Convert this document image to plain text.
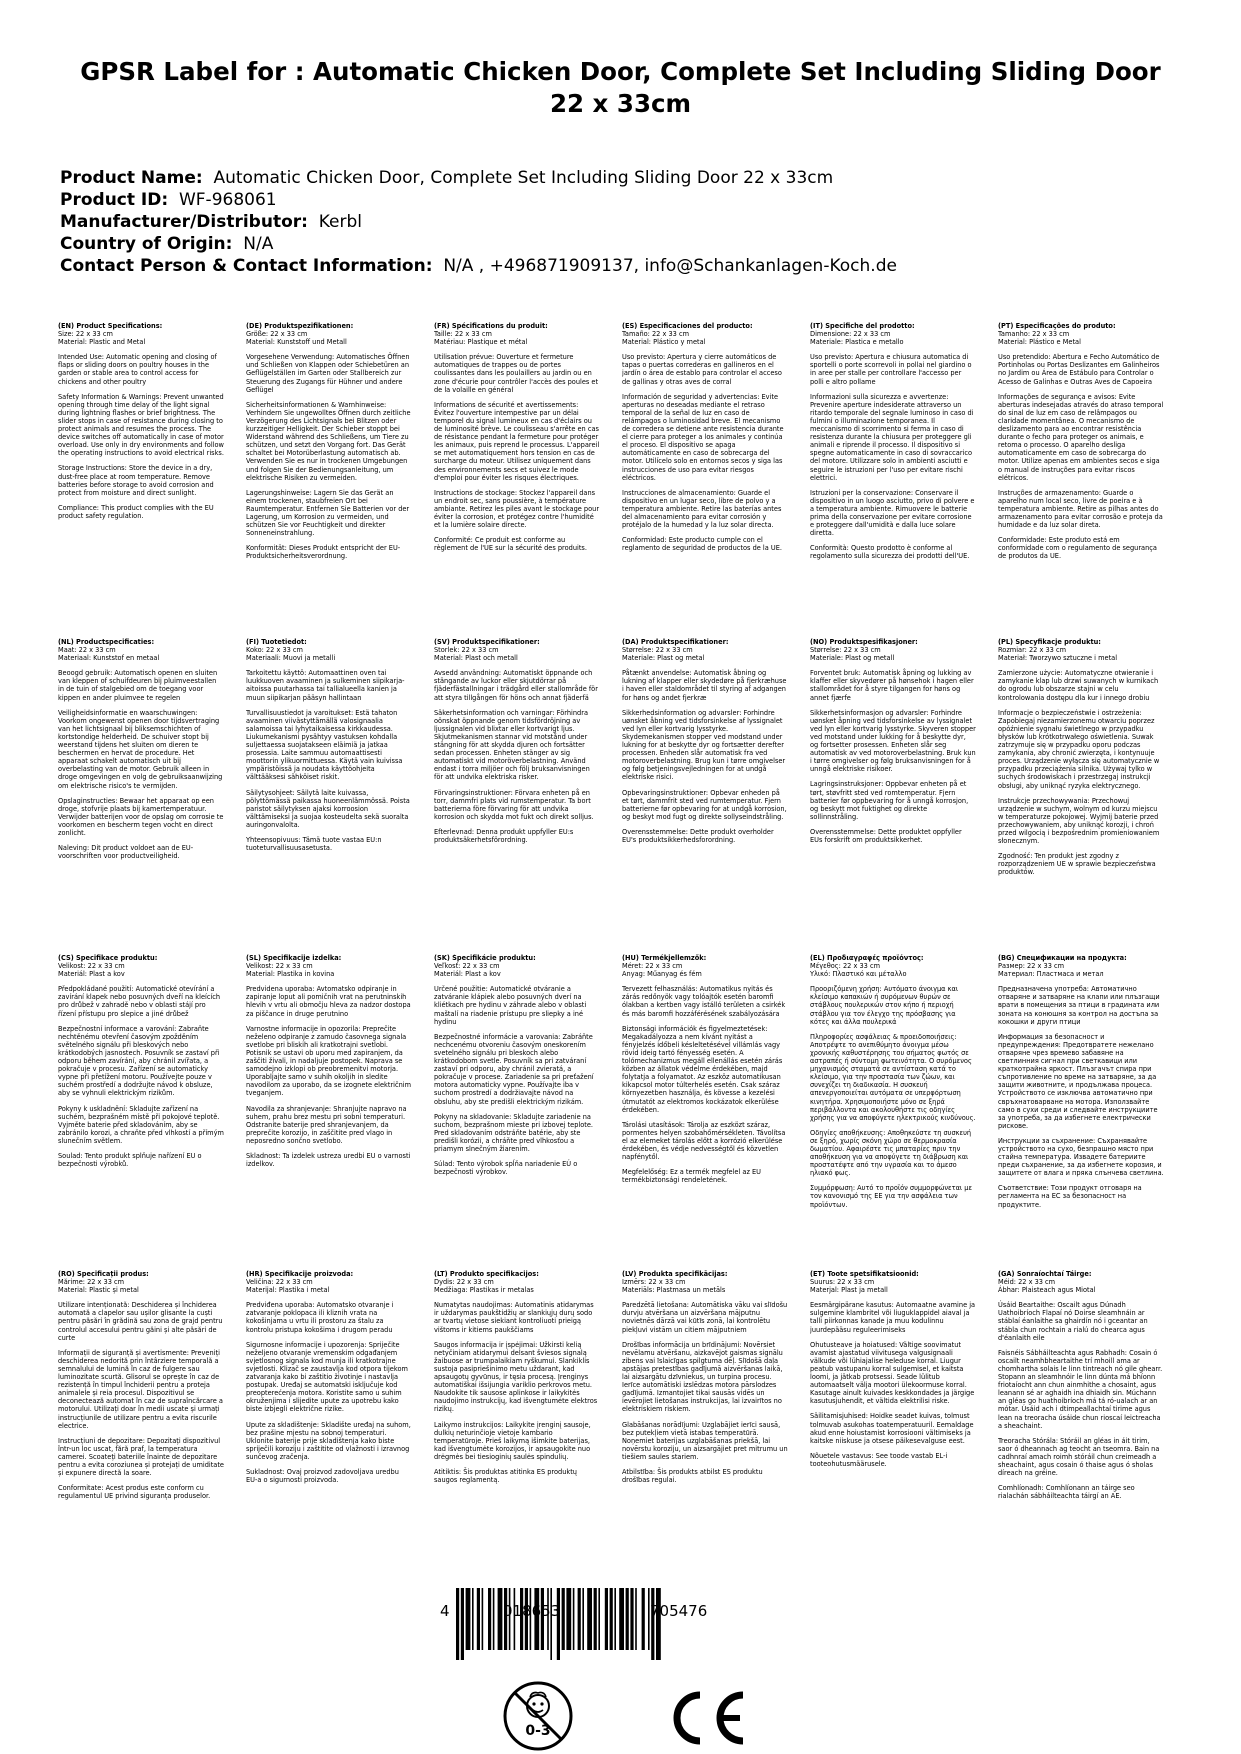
GPSR Label for : Automatic Chicken Door, Complete Set Including Sliding Door 22 x 33cm
Product Name: Automatic Chicken Door, Complete Set Including Sliding Door 22 x 33cm
Product ID: WF-968061
Manufacturer/Distributor: Kerbl
Country of Origin: N/A
Contact Person & Contact Information: N/A , +496871909137, info@Schankanlagen-Koch.de

(EN) Product Specifications:

Size: 22 x 33 cm

Material: Plastic and Metal

Intended Use: Automatic opening and closing of flaps or sliding doors on poultry houses in the garden or stable area to control access for chickens and other poultry

Safety Information & Warnings: Prevent unwanted opening through time delay of the light signal during lightning flashes or brief brightness. The slider stops in case of resistance during closing to protect animals and resumes the process. The device switches off automatically in case of motor overload. Use only in dry environments and follow the operating instructions to avoid electrical risks.

Storage Instructions: Store the device in a dry, dust-free place at room temperature. Remove batteries before storage to avoid corrosion and protect from moisture and direct sunlight.

Compliance: This product complies with the EU product safety regulation.

(DE) Produktspezifikationen:

Größe: 22 x 33 cm

Material: Kunststoff und Metall

Vorgesehene Verwendung: Automatisches Öffnen und Schließen von Klappen oder Schiebetüren an Geflügelställen im Garten oder Stallbereich zur Steuerung des Zugangs für Hühner und andere Geflügel

Sicherheitsinformationen & Warnhinweise: Verhindern Sie ungewolltes Öffnen durch zeitliche Verzögerung des Lichtsignals bei Blitzen oder kurzzeitiger Helligkeit. Der Schieber stoppt bei Widerstand während des Schließens, um Tiere zu schützen, und setzt den Vorgang fort. Das Gerät schaltet bei Motorüberlastung automatisch ab. Verwenden Sie es nur in trockenen Umgebungen und folgen Sie der Bedienungsanleitung, um elektrische Risiken zu vermeiden.

Lagerungshinweise: Lagern Sie das Gerät an einem trockenen, staubfreien Ort bei Raumtemperatur. Entfernen Sie Batterien vor der Lagerung, um Korrosion zu vermeiden, und schützen Sie vor Feuchtigkeit und direkter Sonneneinstrahlung.

Konformität: Dieses Produkt entspricht der EU-Produktsicherheitsverordnung.

(FR) Spécifications du produit:

Taille: 22 x 33 cm

Matériau: Plastique et métal

Utilisation prévue: Ouverture et fermeture automatiques de trappes ou de portes coulissantes dans les poulaillers au jardin ou en zone d'écurie pour contrôler l'accès des poules et de la volaille en général

Informations de sécurité et avertissements: Évitez l'ouverture intempestive par un délai temporel du signal lumineux en cas d'éclairs ou de luminosité brève. Le coulisseau s'arrête en cas de résistance pendant la fermeture pour protéger les animaux, puis reprend le processus. L'appareil se met automatiquement hors tension en cas de surcharge du moteur. Utilisez uniquement dans des environnements secs et suivez le mode d'emploi pour éviter les risques électriques.

Instructions de stockage: Stockez l'appareil dans un endroit sec, sans poussière, à température ambiante. Retirez les piles avant le stockage pour éviter la corrosion, et protégez contre l'humidité et la lumière solaire directe.

Conformité: Ce produit est conforme au règlement de l'UE sur la sécurité des produits.

(ES) Especificaciones del producto:

Tamaño: 22 x 33 cm

Material: Plástico y metal

Uso previsto: Apertura y cierre automáticos de tapas o puertas correderas en gallineros en el jardín o área de establo para controlar el acceso de gallinas y otras aves de corral

Información de seguridad y advertencias: Evite aperturas no deseadas mediante el retraso temporal de la señal de luz en caso de relámpagos o luminosidad breve. El mecanismo de corredera se detiene ante resistencia durante el cierre para proteger a los animales y continúa el proceso. El dispositivo se apaga automáticamente en caso de sobrecarga del motor. Utilícelo solo en entornos secos y siga las instrucciones de uso para evitar riesgos eléctricos.

Instrucciones de almacenamiento: Guarde el dispositivo en un lugar seco, libre de polvo y a temperatura ambiente. Retire las baterías antes del almacenamiento para evitar corrosión y protéjalo de la humedad y la luz solar directa.

Conformidad: Este producto cumple con el reglamento de seguridad de productos de la UE.

(IT) Specifiche del prodotto:

Dimensione: 22 x 33 cm

Materiale: Plastica e metallo

Uso previsto: Apertura e chiusura automatica di sportelli o porte scorrevoli in pollai nel giardino o in aree per stalle per controllare l'accesso per polli e altro pollame

Informazioni sulla sicurezza e avvertenze: Prevenire aperture indesiderate attraverso un ritardo temporale del segnale luminoso in caso di fulmini o illuminazione temporanea. Il meccanismo di scorrimento si ferma in caso di resistenza durante la chiusura per proteggere gli animali e riprende il processo. Il dispositivo si spegne automaticamente in caso di sovraccarico del motore. Utilizzare solo in ambienti asciutti e seguire le istruzioni per l'uso per evitare rischi elettrici.

Istruzioni per la conservazione: Conservare il dispositivo in un luogo asciutto, privo di polvere e a temperatura ambiente. Rimuovere le batterie prima della conservazione per evitare corrosione e proteggere dall'umidità e dalla luce solare diretta.

Conformità: Questo prodotto è conforme al regolamento sulla sicurezza dei prodotti dell'UE.

(PT) Especificações do produto:

Tamanho: 22 x 33 cm

Material: Plástico e Metal

Uso pretendido: Abertura e Fecho Automático de Portinholas ou Portas Deslizantes em Galinheiros no Jardim ou Área de Estábulo para Controlar o Acesso de Galinhas e Outras Aves de Capoeira

Informações de segurança e avisos: Evite aberturas indesejadas através do atraso temporal do sinal de luz em caso de relâmpagos ou claridade momentânea. O mecanismo de deslizamento para ao encontrar resistência durante o fecho para proteger os animais, e retoma o processo. O aparelho desliga automaticamente em caso de sobrecarga do motor. Utilize apenas em ambientes secos e siga o manual de instruções para evitar riscos elétricos.

Instruções de armazenamento: Guarde o aparelho num local seco, livre de poeira e à temperatura ambiente. Retire as pilhas antes do armazenamento para evitar corrosão e proteja da humidade e da luz solar direta.

Conformidade: Este produto está em conformidade com o regulamento de segurança de produtos da UE.

(NL) Productspecificaties:

Maat: 22 x 33 cm

Materiaal: Kunststof en metaal

Beoogd gebruik: Automatisch openen en sluiten van kleppen of schuifdeuren bij pluimveestallen in de tuin of stalgebied om de toegang voor kippen en ander pluimvee te regelen

Veiligheidsinformatie en waarschuwingen: Voorkom ongewenst openen door tijdsvertraging van het lichtsignaal bij bliksemschichten of kortstondige helderheid. De schuiver stopt bij weerstand tijdens het sluiten om dieren te beschermen en hervat de procedure. Het apparaat schakelt automatisch uit bij overbelasting van de motor. Gebruik alleen in droge omgevingen en volg de gebruiksaanwijzing om elektrische risico's te vermijden.

Opslaginstructies: Bewaar het apparaat op een droge, stofvrije plaats bij kamertemperatuur. Verwijder batterijen voor de opslag om corrosie te voorkomen en bescherm tegen vocht en direct zonlicht.

Naleving: Dit product voldoet aan de EU-voorschriften voor productveiligheid.

(FI) Tuotetiedot:

Koko: 22 x 33 cm

Materiaali: Muovi ja metalli

Tarkoitettu käyttö: Automaattinen oven tai luukkuoven avaaminen ja sulkeminen siipikarja-aitoissa puutarhassa tai tallialueella kanien ja muun siipikarjan pääsyn hallintaan

Turvallisuustiedot ja varoitukset: Estä tahaton avaaminen viivästyttämällä valosignaalia salamoissa tai lyhytaikaisessa kirkkaudessa. Liukumekanismi pysähtyy vastuksen kohdalla suljettaessa suojatakseen eläimiä ja jatkaa prosessia. Laite sammuu automaattisesti moottorin ylikuormittuessa. Käytä vain kuivissa ympäristöissä ja noudata käyttöohjeita välttääksesi sähköiset riskit.

Säilytysohjeet: Säilytä laite kuivassa, pölyttömässä paikassa huoneenlämmössä. Poista paristot säilytyksen ajaksi korroosion välttämiseksi ja suojaa kosteudelta sekä suoralta auringonvalolta.

Yhteensopivuus: Tämä tuote vastaa EU:n tuoteturvallisuusasetusta.

(SV) Produktspecifikationer:

Storlek: 22 x 33 cm

Material: Plast och metall

Avsedd användning: Automatiskt öppnande och stängande av luckor eller skjutdörrar på fjäderfästallningar i trädgård eller stallområde för att styra tillgången för höns och annat fjäderfä

Säkerhetsinformation och varningar: Förhindra oönskat öppnande genom tidsfördröjning av ljussignalen vid blixtar eller kortvarigt ljus. Skjutmekanismen stannar vid motstånd under stängning för att skydda djuren och fortsätter sedan processen. Enheten stänger av sig automatiskt vid motoröverbelastning. Använd endast i torra miljöer och följ bruksanvisningen för att undvika elektriska risker.

Förvaringsinstruktioner: Förvara enheten på en torr, dammfri plats vid rumstemperatur. Ta bort batterierna före förvaring för att undvika korrosion och skydda mot fukt och direkt solljus.

Efterlevnad: Denna produkt uppfyller EU:s produktsäkerhetsförordning.

(DA) Produktspecifikationer:

Størrelse: 22 x 33 cm

Materiale: Plast og metal

Påtænkt anvendelse: Automatisk åbning og lukning af klapper eller skydedøre på fjerkræhuse i haven eller staldområdet til styring af adgangen for høns og andet fjerkræ

Sikkerhedsinformation og advarsler: Forhindre uønsket åbning ved tidsforsinkelse af lyssignalet ved lyn eller kortvarig lysstyrke. Skydemekanismen stopper ved modstand under lukning for at beskytte dyr og fortsætter derefter processen. Enheden slår automatisk fra ved motoroverbelastning. Brug kun i tørre omgivelser og følg betjeningsvejledningen for at undgå elektriske risici.

Opbevaringsinstruktioner: Opbevar enheden på et tørt, dammfrit sted ved rumtemperatur. Fjern batterierne før opbevaring for at undgå korrosion, og beskyt mod fugt og direkte sollyseindstråling.

Overensstemmelse: Dette produkt overholder EU's produktsikkerhedsforordning.

(NO) Produktspesifikasjoner:

Størrelse: 22 x 33 cm

Materiale: Plast og metall

Forventet bruk: Automatisk åpning og lukking av klaffer eller skyvedører på hønsehok i hagen eller stallområdet for å styre tilgangen for høns og annet fjærfe

Sikkerhetsinformasjon og advarsler: Forhindre uønsket åpning ved tidsforsinkelse av lyssignalet ved lyn eller kortvarig lysstyrke. Skyveren stopper ved motstand under lukking for å beskytte dyr, og fortsetter prosessen. Enheten slår seg automatisk av ved motoroverbelastning. Bruk kun i tørre omgivelser og følg bruksanvisningen for å unngå elektriske risikoer.

Lagringsinstruksjoner: Oppbevar enheten på et tørt, støvfritt sted ved romtemperatur. Fjern batterier før oppbevaring for å unngå korrosjon, og beskytt mot fuktighet og direkte sollinnstråling.

Overensstemmelse: Dette produktet oppfyller EUs forskrift om produktsikkerhet.

(PL) Specyfikacje produktu:

Rozmiar: 22 x 33 cm

Materiał: Tworzywo sztuczne i metal

Zamierzone użycie: Automatyczne otwieranie i zamykanie klap lub drzwi suwanych w kurnikach do ogrodu lub obszarze stajni w celu kontrolowania dostępu dla kur i innego drobiu

Informacje o bezpieczeństwie i ostrzeżenia: Zapobiegaj niezamierzonemu otwarciu poprzez opóźnienie sygnału świetlnego w przypadku błysków lub krótkotrwałego oświetlenia. Suwak zatrzymuje się w przypadku oporu podczas zamykania, aby chronić zwierzęta, i kontynuuje proces. Urządzenie wyłącza się automatycznie w przypadku przeciążenia silnika. Używaj tylko w suchych środowiskach i przestrzegaj instrukcji obsługi, aby uniknąć ryzyka elektrycznego.

Instrukcje przechowywania: Przechowuj urządzenie w suchym, wolnym od kurzu miejscu w temperaturze pokojowej. Wyjmij baterie przed przechowywaniem, aby uniknąć korozji, i chroń przed wilgocią i bezpośrednim promieniowaniem słonecznym.

Zgodność: Ten produkt jest zgodny z rozporządzeniem UE w sprawie bezpieczeństwa produktów.

(CS) Specifikace produktu:

Velikost: 22 x 33 cm

Materiál: Plast a kov

Předpokládané použití: Automatické otevírání a zavírání klapek nebo posuvných dveří na kleících pro drůbež v zahradě nebo v oblasti stájí pro řízení přístupu pro slepice a jiné drůbež

Bezpečnostní informace a varování: Zabraňte nechtěnému otevření časovým zpožděním světelného signálu při bleskových nebo krátkodobých jasnostech. Posuvník se zastaví při odporu během zavírání, aby chránil zvířata, a pokračuje v procesu. Zařízení se automaticky vypne při přetížení motoru. Používejte pouze v suchém prostředí a dodržujte návod k obsluze, aby se vyhnuli elektrickým rizikům.

Pokyny k uskladnění: Skladujte zařízení na suchém, bezprašném místě při pokojové teplotě. Vyjměte baterie před skladováním, aby se zabránilo korozi, a chraňte před vlhkostí a přímým slunečním světlem.

Soulad: Tento produkt splňuje nařízení EU o bezpečnosti výrobků.

(SL) Specifikacije izdelka:

Velikost: 22 x 33 cm

Material: Plastika in kovina

Predvidena uporaba: Avtomatsko odpiranje in zapiranje loput ali pomičnih vrat na perutninskih hlevih v vrtu ali območju hleva za nadzor dostopa za piščance in druge perutnino

Varnostne informacije in opozorila: Preprečite neželeno odpiranje z zamudo časovnega signala svetlobe pri bliskih ali kratkotrajni svetlobi. Potisnik se ustavi ob uporu med zapiranjem, da zaščiti živali, in nadaljuje postopek. Naprava se samodejno izklopi ob preobremenitvi motorja. Uporabljajte samo v suhih okoljih in sledite navodilom za uporabo, da se izognete električnim tveganjem.

Navodila za shranjevanje: Shranjujte napravo na suhem, prahu brez mestu pri sobni temperaturi. Odstranite baterije pred shranjevanjem, da preprečite korozijo, in zaščitite pred vlago in neposredno sončno svetlobo.

Skladnost: Ta izdelek ustreza uredbi EU o varnosti izdelkov.

(SK) Špecifikácie produktu:

Veľkosť: 22 x 33 cm

Materiál: Plast a kov

Určené použitie: Automatické otváranie a zatváranie klápiek alebo posuvných dverí na kliétkach pre hydinu v záhrade alebo v oblasti maštalí na riadenie prístupu pre sliepky a iné hydinu

Bezpečnostné informácie a varovania: Zabráňte nechcenému otvoreniu časovým oneskorením svetelného signálu pri bleskoch alebo krátkodobom svetle. Posuvník sa pri zatváraní zastaví pri odporu, aby chránil zvieratá, a pokračuje v procese. Zariadenie sa pri preťažení motora automaticky vypne. Používajte iba v suchom prostredí a dodržiavajte návod na obsluhu, aby ste predišli elektrickým rizikám.

Pokyny na skladovanie: Skladujte zariadenie na suchom, bezprašnom mieste pri izbovej teplote. Pred skladovaním odstráňte batérie, aby ste predišli korózii, a chráňte pred vlhkosťou a priamym slnečným žiarením.

Súlad: Tento výrobok spĺňa nariadenie EÚ o bezpečnosti výrobkov.

(HU) Termékjellemzők:

Méret: 22 x 33 cm

Anyag: Műanyag és fém

Tervezett felhasználás: Automatikus nyitás és zárás redőnyök vagy tolóajtók esetén baromfi ólakban a kertben vagy istálló területen a csirkék és más baromfi hozzáférésének szabályozására

Biztonsági információk és figyelmeztetések: Megakadályozza a nem kívánt nyitást a fényjelzés időbeli késleltetésével villámlás vagy rövid ideig tartó fényesség esetén. A tolómechanizmus megáll ellenállás esetén zárás közben az állatok védelme érdekében, majd folytatja a folyamatot. Az eszköz automatikusan kikapcsol motor túlterhelés esetén. Csak száraz környezetben használja, és kövesse a kezelési útmutatót az elektromos kockázatok elkerülése érdekében.

Tárolási utasítások: Tárolja az eszközt száraz, pormentes helyen szobahőmérsékleten. Távolítsa el az elemeket tárolás előtt a korrózió elkerülése érdekében, és védje nedvességtől és közvetlen napfénytől.

Megfelelőség: Ez a termék megfelel az EU termékbiztonsági rendeletének.

(EL) Προδιαγραφές προϊόντος:

Μέγεθος: 22 x 33 cm

Υλικό: Πλαστικό και μέταλλο

Προοριζόμενη χρήση: Αυτόματο άνοιγμα και κλείσιμο καπακιών ή συρόμενων θυρών σε στάβλους πουλερικών στον κήπο ή περιοχή στάβλου για τον έλεγχο της πρόσβασης για κότες και άλλα πουλερικά

Πληροφορίες ασφάλειας & προειδοποιήσεις: Αποτρέψτε το ανεπιθύμητο άνοιγμα μέσω χρονικής καθυστέρησης του σήματος φωτός σε αστραπές ή σύντομη φωτεινότητα. Ο συρόμενος μηχανισμός σταματά σε αντίσταση κατά το κλείσιμο, για την προστασία των ζώων, και συνεχίζει τη διαδικασία. Η συσκευή απενεργοποιείται αυτόματα σε υπερφόρτωση κινητήρα. Χρησιμοποιήστε μόνο σε ξηρά περιβάλλοντα και ακολουθήστε τις οδηγίες χρήσης για να αποφύγετε ηλεκτρικούς κινδύνους.

Οδηγίες αποθήκευσης: Αποθηκεύστε τη συσκευή σε ξηρό, χωρίς σκόνη χώρο σε θερμοκρασία δωματίου. Αφαιρέστε τις μπαταρίες πριν την αποθήκευση για να αποφύγετε τη διάβρωση και προστατέψτε από την υγρασία και το άμεσο ηλιακό φως.

Συμμόρφωση: Αυτό το προϊόν συμμορφώνεται με τον κανονισμό της ΕΕ για την ασφάλεια των προϊόντων.

(BG) Спецификации на продукта:

Размер: 22 x 33 cm

Материал: Пластмаса и метал

Предназначена употреба: Автоматично отваряне и затваряне на клапи или плъзгащи врати в помещения за птици в градината или зоната на конюшня за контрол на достъпа за кокошки и други птици

Информация за безопасност и предупреждения: Предотвратете нежелано отваряне чрез времево забавяне на светлинния сигнал при светкавици или краткотрайна яркост. Плъзгачът спира при съпротивление по време на затваряне, за да защити животните, и продължава процеса. Устройството се изключва автоматично при свръхнатоварване на мотора. Използвайте само в сухи среди и следвайте инструкциите за употреба, за да избегнете електрически рискове.

Инструкции за съхранение: Съхранявайте устройството на сухо, безпрашно място при стайна температура. Извадете батериите преди съхранение, за да избегнете корозия, и защитете от влага и пряка слънчева светлина.

Съответствие: Този продукт отговаря на регламента на ЕС за безопасност на продуктите.

(RO) Specificații produs:

Mărime: 22 x 33 cm

Material: Plastic și metal

Utilizare intenționată: Deschiderea și închiderea automată a clapelor sau ușilor glisante la cuști pentru păsări în grădină sau zona de grajd pentru controlul accesului pentru găini și alte păsări de curte

Informații de siguranță și avertismente: Preveniți deschiderea nedorită prin întârziere temporală a semnalului de lumină în caz de fulgere sau luminozitate scurtă. Glisorul se oprește în caz de rezistență în timpul închiderii pentru a proteja animalele și reia procesul. Dispozitivul se deconectează automat în caz de supraîncărcare a motorului. Utilizați doar în medii uscate și urmați instrucțiunile de utilizare pentru a evita riscurile electrice.

Instrucțiuni de depozitare: Depozitați dispozitivul într-un loc uscat, fără praf, la temperatura camerei. Scoateți bateriile înainte de depozitare pentru a evita coroziunea și protejați de umiditate și expunere directă la soare.

Conformitate: Acest produs este conform cu regulamentul UE privind siguranța produselor.

(HR) Specifikacije proizvoda:

Veličina: 22 x 33 cm

Materijal: Plastika i metal

Predviđena uporaba: Automatsko otvaranje i zatvaranje poklopaca ili kliznih vrata na kokošinjama u vrtu ili prostoru za štalu za kontrolu pristupa kokošima i drugom peradu

Sigurnosne informacije i upozorenja: Spriječite neželjeno otvaranje vremenskim odgađanjem svjetlosnog signala kod munja ili kratkotrajne svjetlosti. Klizač se zaustavlja kod otpora tijekom zatvaranja kako bi zaštitio životinje i nastavlja postupak. Uređaj se automatski isključuje kod preopterećenja motora. Koristite samo u suhim okruženjima i slijedite upute za upotrebu kako biste izbjegli električne rizike.

Upute za skladištenje: Skladište uređaj na suhom, bez prašine mjestu na sobnoj temperaturi. Uklonite baterije prije skladištenja kako biste spriječili koroziju i zaštitite od vlažnosti i izravnog sunčevog zračenja.

Sukladnost: Ovaj proizvod zadovoljava uredbu EU-a o sigurnosti proizvoda.

(LT) Produkto specifikacijos:

Dydis: 22 x 33 cm

Medžiaga: Plastikas ir metalas

Numatytas naudojimas: Automatinis atidarymas ir uždarymas paukštidžių ar slankiųjų durų sodo ar tvartų vietose siekiant kontroliuoti prieigą vištoms ir kitiems paukščiams

Saugos informacija ir įspėjimai: Užkirsti kelią netyčiniam atidarymui delsant šviesos signalą žaibuose ar trumpalaikiam ryškumui. Slankiklis sustoja pasipriešinimo metu uždarant, kad apsaugotų gyvūnus, ir tęsia procesą. Įrenginys automatiškai išsijungia variklio perkrovos metu. Naudokite tik sausose aplinkose ir laikykitės naudojimo instrukcijų, kad išvengtumėte elektros rizikų.

Laikymo instrukcijos: Laikykite įrenginį sausoje, dulkių neturinčioje vietoje kambario temperatūroje. Prieš laikymą išimkite baterijas, kad išvengtumėte korozijos, ir apsaugokite nuo drėgmės bei tiesioginių saulės spindulių.

Atitiktis: Šis produktas atitinka ES produktų saugos reglamentą.

(LV) Produkta specifikācijas:

Izmērs: 22 x 33 cm

Materiāls: Plastmasa un metāls

Paredzētā lietošana: Automātiska vāku vai slīdošu durvju atvēršana un aizvēršana mājputnu novietnēs dārzā vai kūtīs zonā, lai kontrolētu piekļuvi vistām un citiem mājputniem

Drošības informācija un brīdinājumi: Novērsiet nevēlamu atvēršanu, aizkavējot gaismas signālu zibens vai īslaicīgas spilgtuma dēļ. Slīdošā daļa apstājas pretestības gadījumā aizvēršanas laikā, lai aizsargātu dzīvniekus, un turpina procesu. Ierīce automātiski izslēdzas motora pārslodzes gadījumā. Izmantojiet tikai sausās vidēs un ievērojiet lietošanas instrukcijas, lai izvairītos no elektriskiem riskiem.

Glabāšanas norādījumi: Uzglabājiet ierīci sausā, bez putekļiem vietā istabas temperatūrā. Noņemiet baterijas uzglabāšanas priekšā, lai novērstu koroziju, un aizsargājiet pret mitrumu un tiešiem saules stariem.

Atbilstība: Šis produkts atbilst ES produktu drošības regulai.

(ET) Toote spetsifikatsioonid:

Suurus: 22 x 33 cm

Materjal: Plast ja metall

Eesmärgipärane kasutus: Automaatne avamine ja sulgemine klambritel või liuguklappidel aiaval ja talli piirkonnas kanade ja muu kodulinnu juurdepääsu reguleerimiseks

Ohutusteave ja hoiatused: Vältige soovimatut avamist ajastatud viivitusega valgusignaali välkude või lühiajalise heleduse korral. Liugur peatub vastupanu korral sulgemisel, et kaitsta loomi, ja jätkab protsessi. Seade lülitub automaatselt välja mootori ülekoormuse korral. Kasutage ainult kuivades keskkondades ja järgige kasutusjuhendit, et vältida elektrilisi riske.

Säilitamisjuhised: Hoidke seadet kuivas, tolmust tolmuvab asukohas toatemperatuuril. Eemaldage akud enne hoiustamist korrosiooni vältimiseks ja kaitske niiskuse ja otsese päikesevalguse eest.

Nõuetele vastavus: See toode vastab EL-i tooteohutusmäärusele.

(GA) Sonraíochtaí Táirge:

Méid: 22 x 33 cm

Ábhar: Plaisteach agus Miotal

Úsáid Beartaithe: Oscailt agus Dúnadh Uathoibríoch Flapaí nó Doirse sleamhnáin ar stáblaí éanlaithe sa ghairdín nó i gceantar an stábla chun rochtain a rialú do chearca agus d'éanlaith eile

Faisnéis Sábháilteachta agus Rabhadh: Cosain ó oscailt neamhbheartaithe trí mhoill ama ar chomhartha solais le linn tintreach nó gile ghearr. Stopann an sleamhnóir le linn dúnta má bhíonn friotaíocht ann chun ainmhithe a chosaint, agus leanann sé ar aghaidh ina dhiaidh sin. Múchann an gléas go huathoibríoch má tá ró-ualach ar an mótar. Úsáid ach i dtimpeallachtaí tirime agus lean na treoracha úsáide chun rioscaí leictreacha a sheachaint.

Treoracha Stórála: Stóráil an gléas in áit tirim, saor ó dheannach ag teocht an tseomra. Bain na cadhnraí amach roimh stóráil chun creimeadh a sheachaint, agus cosain ó thaise agus ó sholas díreach na gréine.

Comhlíonadh: Comhlíonann an táirge seo rialachán sábháilteachta táirgí an AE.

4	018653	705476
0-3
